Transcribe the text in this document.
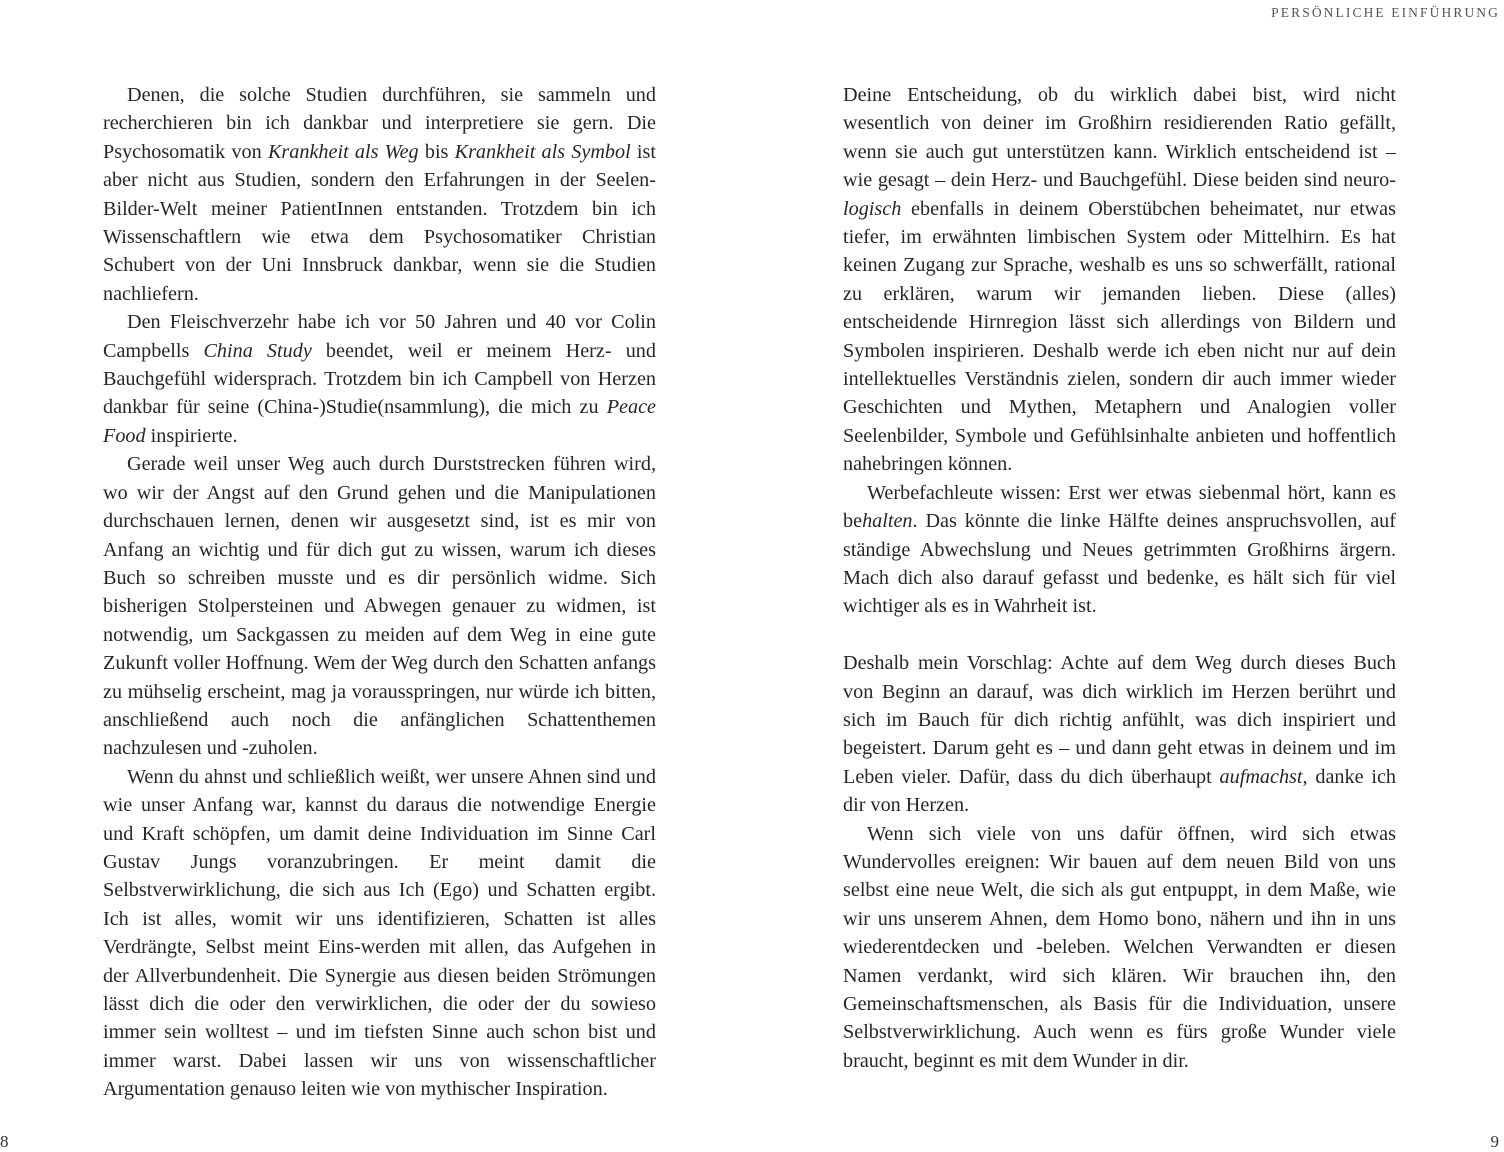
PERSÖNLICHE EINFÜHRUNG

Denen, die solche Studien durchführen, sie sammeln und recherchieren bin ich dankbar und interpretiere sie gern. Die Psychosomatik von Krankheit als Weg bis Krankheit als Symbol ist aber nicht aus Studien, sondern den Erfahrungen in der Seelen-Bilder-Welt meiner PatientInnen entstanden. Trotzdem bin ich Wissenschaftlern wie etwa dem Psychosomatiker Christian Schubert von der Uni Innsbruck dankbar, wenn sie die Studien nachliefern.

Den Fleischverzehr habe ich vor 50 Jahren und 40 vor Colin Campbells China Study beendet, weil er meinem Herz- und Bauchgefühl widersprach. Trotzdem bin ich Campbell von Herzen dankbar für seine (China-)Studie(nsammlung), die mich zu Peace Food inspirierte.

Gerade weil unser Weg auch durch Durststrecken führen wird, wo wir der Angst auf den Grund gehen und die Manipulationen durchschauen lernen, denen wir ausgesetzt sind, ist es mir von Anfang an wichtig und für dich gut zu wissen, warum ich dieses Buch so schreiben musste und es dir persönlich widme. Sich bisherigen Stolpersteinen und Abwegen genauer zu widmen, ist notwendig, um Sackgassen zu meiden auf dem Weg in eine gute Zukunft voller Hoffnung. Wem der Weg durch den Schatten anfangs zu mühselig erscheint, mag ja vorausspringen, nur würde ich bitten, anschließend auch noch die anfänglichen Schattenthemen nachzulesen und -zuholen.

Wenn du ahnst und schließlich weißt, wer unsere Ahnen sind und wie unser Anfang war, kannst du daraus die notwendige Energie und Kraft schöpfen, um damit deine Individuation im Sinne Carl Gustav Jungs voranzubringen. Er meint damit die Selbstverwirklichung, die sich aus Ich (Ego) und Schatten ergibt. Ich ist alles, womit wir uns identifizieren, Schatten ist alles Verdrängte, Selbst meint Eins-werden mit allen, das Aufgehen in der Allverbundenheit. Die Synergie aus diesen beiden Strömungen lässt dich die oder den verwirklichen, die oder der du sowieso immer sein wolltest – und im tiefsten Sinne auch schon bist und immer warst. Dabei lassen wir uns von wissenschaftlicher Argumentation genauso leiten wie von mythischer Inspiration.

Deine Entscheidung, ob du wirklich dabei bist, wird nicht wesentlich von deiner im Großhirn residierenden Ratio gefällt, wenn sie auch gut unterstützen kann. Wirklich entscheidend ist – wie gesagt – dein Herz- und Bauchgefühl. Diese beiden sind neuro-logisch ebenfalls in deinem Oberstübchen beheimatet, nur etwas tiefer, im erwähnten limbischen System oder Mittelhirn. Es hat keinen Zugang zur Sprache, weshalb es uns so schwerfällt, rational zu erklären, warum wir jemanden lieben. Diese (alles) entscheidende Hirnregion lässt sich allerdings von Bildern und Symbolen inspirieren. Deshalb werde ich eben nicht nur auf dein intellektuelles Verständnis zielen, sondern dir auch immer wieder Geschichten und Mythen, Metaphern und Analogien voller Seelenbilder, Symbole und Gefühlsinhalte anbieten und hoffentlich nahebringen können.

Werbefachleute wissen: Erst wer etwas siebenmal hört, kann es behalten. Das könnte die linke Hälfte deines anspruchsvollen, auf ständige Abwechslung und Neues getrimmten Großhirns ärgern. Mach dich also darauf gefasst und bedenke, es hält sich für viel wichtiger als es in Wahrheit ist.

Deshalb mein Vorschlag: Achte auf dem Weg durch dieses Buch von Beginn an darauf, was dich wirklich im Herzen berührt und sich im Bauch für dich richtig anfühlt, was dich inspiriert und begeistert. Darum geht es – und dann geht etwas in deinem und im Leben vieler. Dafür, dass du dich überhaupt aufmachst, danke ich dir von Herzen.

Wenn sich viele von uns dafür öffnen, wird sich etwas Wundervolles ereignen: Wir bauen auf dem neuen Bild von uns selbst eine neue Welt, die sich als gut entpuppt, in dem Maße, wie wir uns unserem Ahnen, dem Homo bono, nähern und ihn in uns wiederentdecken und -beleben. Welchen Verwandten er diesen Namen verdankt, wird sich klären. Wir brauchen ihn, den Gemeinschaftsmenschen, als Basis für die Individuation, unsere Selbstverwirklichung. Auch wenn es fürs große Wunder viele braucht, beginnt es mit dem Wunder in dir.

8	9
